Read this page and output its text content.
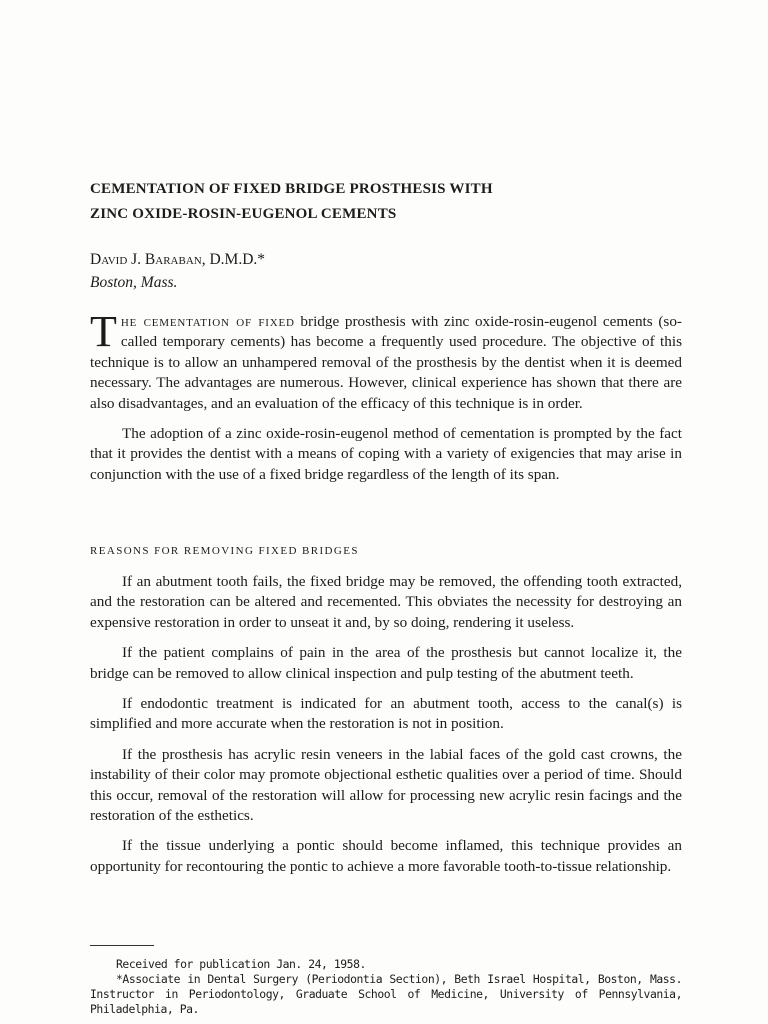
CEMENTATION OF FIXED BRIDGE PROSTHESIS WITH
ZINC OXIDE-ROSIN-EUGENOL CEMENTS
David J. Baraban, D.M.D.*
Boston, Mass.

The cementation of fixed bridge prosthesis with zinc oxide-rosin-eugenol cements (so-called temporary cements) has become a frequently used procedure. The objective of this technique is to allow an unhampered removal of the prosthesis by the dentist when it is deemed necessary. The advantages are numerous. However, clinical experience has shown that there are also disadvantages, and an evaluation of the efficacy of this technique is in order.

The adoption of a zinc oxide-rosin-eugenol method of cementation is prompted by the fact that it provides the dentist with a means of coping with a variety of exigencies that may arise in conjunction with the use of a fixed bridge regardless of the length of its span.

REASONS FOR REMOVING FIXED BRIDGES

If an abutment tooth fails, the fixed bridge may be removed, the offending tooth extracted, and the restoration can be altered and recemented. This obviates the necessity for destroying an expensive restoration in order to unseat it and, by so doing, rendering it useless.

If the patient complains of pain in the area of the prosthesis but cannot localize it, the bridge can be removed to allow clinical inspection and pulp testing of the abutment teeth.

If endodontic treatment is indicated for an abutment tooth, access to the canal(s) is simplified and more accurate when the restoration is not in position.

If the prosthesis has acrylic resin veneers in the labial faces of the gold cast crowns, the instability of their color may promote objectional esthetic qualities over a period of time. Should this occur, removal of the restoration will allow for processing new acrylic resin facings and the restoration of the esthetics.

If the tissue underlying a pontic should become inflamed, this technique provides an opportunity for recontouring the pontic to achieve a more favorable tooth-to-tissue relationship.

Received for publication Jan. 24, 1958.

*Associate in Dental Surgery (Periodontia Section), Beth Israel Hospital, Boston, Mass. Instructor in Periodontology, Graduate School of Medicine, University of Pennsylvania, Philadelphia, Pa.
